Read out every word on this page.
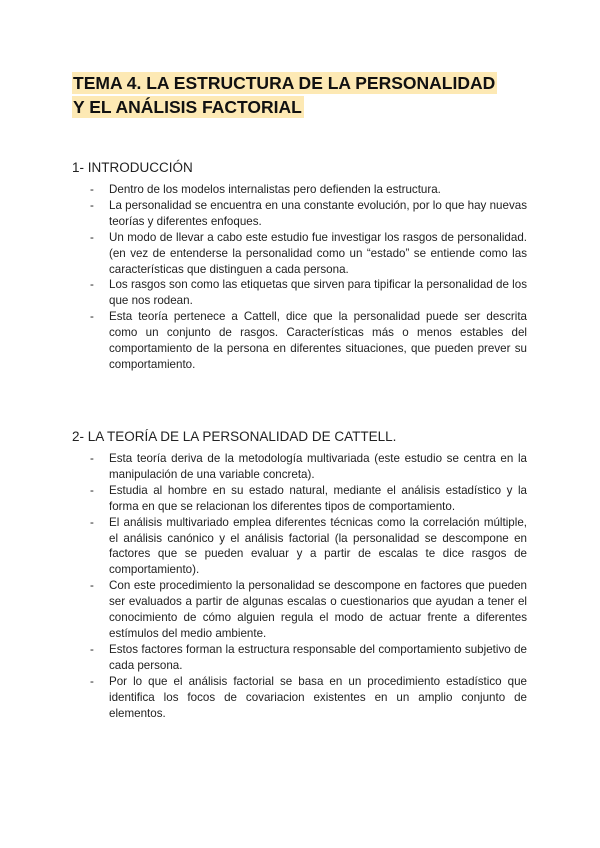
TEMA 4. LA ESTRUCTURA DE LA PERSONALIDAD
Y EL ANÁLISIS FACTORIAL
1- INTRODUCCIÓN
- Dentro de los modelos internalistas pero defienden la estructura.
- La personalidad se encuentra en una constante evolución, por lo que hay nuevas teorías y diferentes enfoques.
- Un modo de llevar a cabo este estudio fue investigar los rasgos de personalidad. (en vez de entenderse la personalidad como un “estado” se entiende como las características que distinguen a cada persona.
- Los rasgos son como las etiquetas que sirven para tipificar la personalidad de los que nos rodean.
- Esta teoría pertenece a Cattell, dice que la personalidad puede ser descrita como un conjunto de rasgos. Características más o menos estables del comportamiento de la persona en diferentes situaciones, que pueden prever su comportamiento.
2- LA TEORÍA DE LA PERSONALIDAD DE CATTELL.
- Esta teoría deriva de la metodología multivariada (este estudio se centra en la manipulación de una variable concreta).
- Estudia al hombre en su estado natural, mediante el análisis estadístico y la forma en que se relacionan los diferentes tipos de comportamiento.
- El análisis multivariado emplea diferentes técnicas como la correlación múltiple, el análisis canónico y el análisis factorial (la personalidad se descompone en factores que se pueden evaluar y a partir de escalas te dice rasgos de comportamiento).
- Con este procedimiento la personalidad se descompone en factores que pueden ser evaluados a partir de algunas escalas o cuestionarios que ayudan a tener el conocimiento de cómo alguien regula el modo de actuar frente a diferentes estímulos del medio ambiente.
- Estos factores forman la estructura responsable del comportamiento subjetivo de cada persona.
- Por lo que el análisis factorial se basa en un procedimiento estadístico que identifica los focos de covariacion existentes en un amplio conjunto de elementos.
